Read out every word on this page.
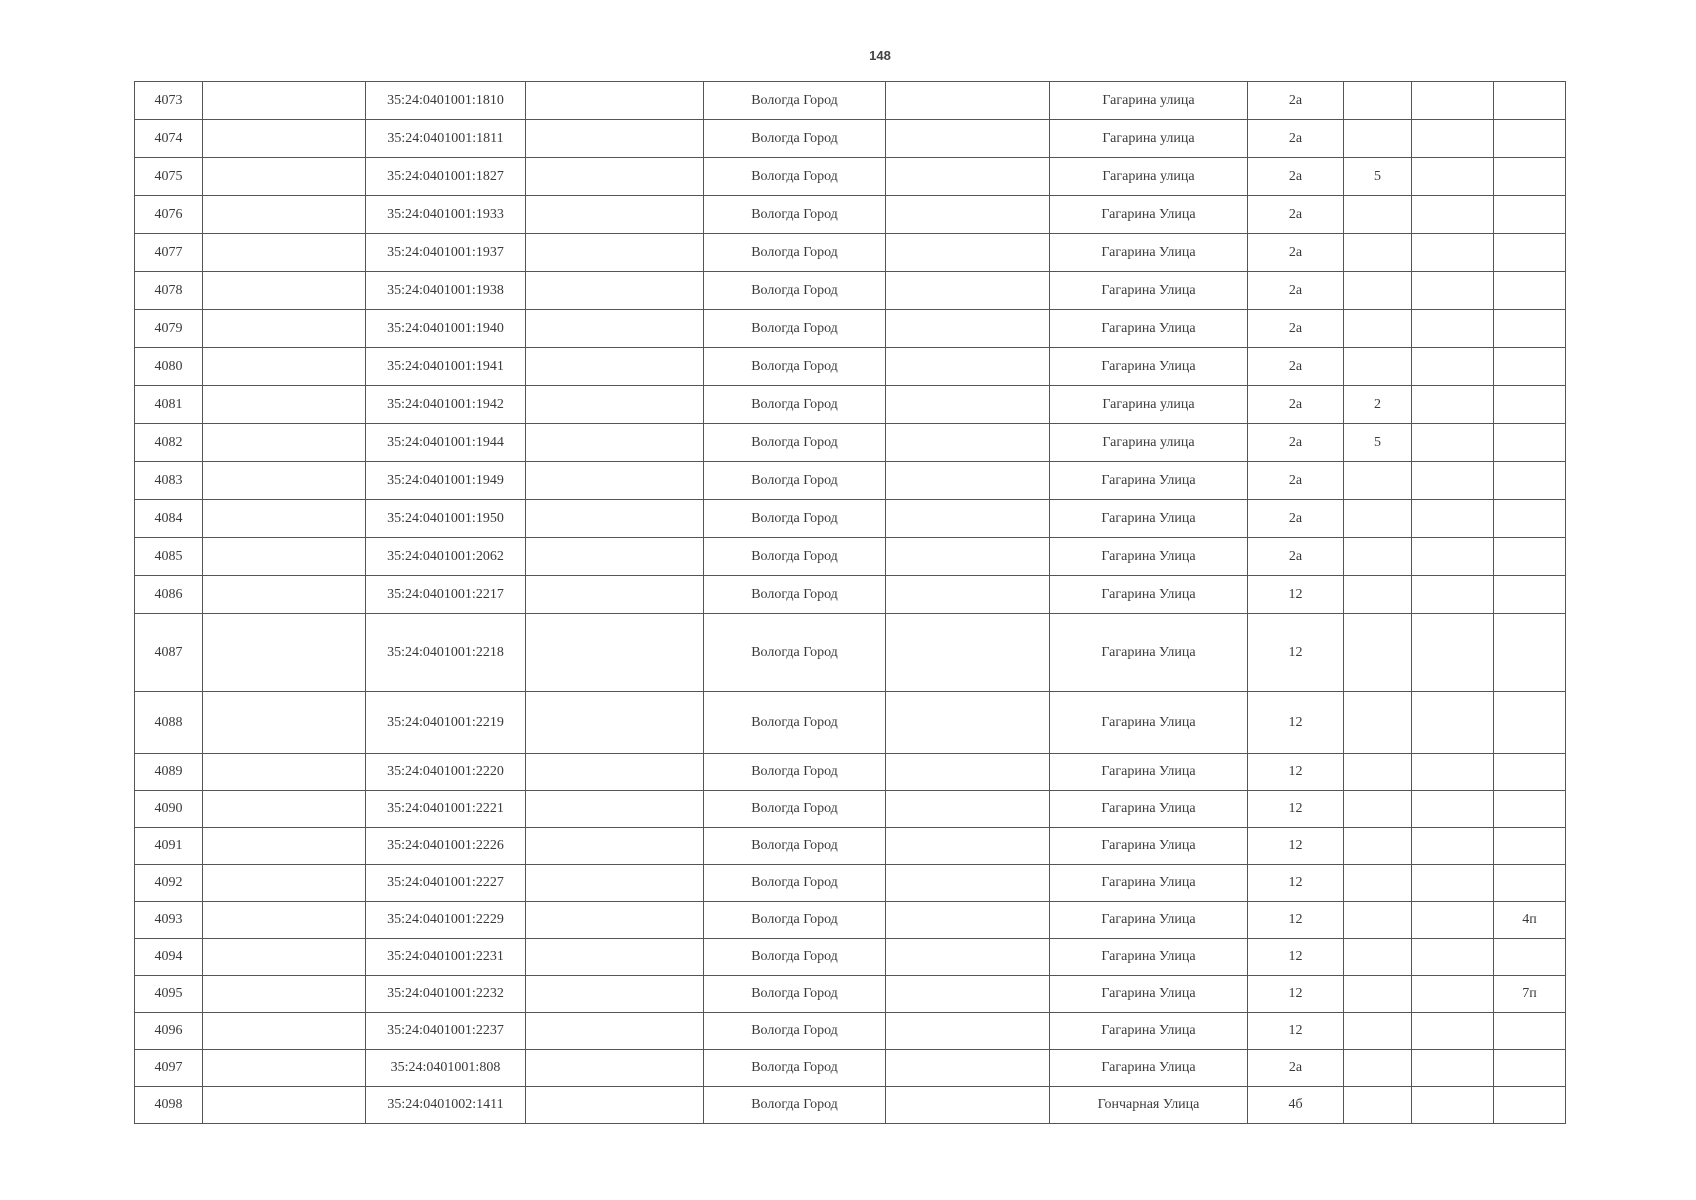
148
4073		35:24:0401001:1810		Вологда Город		Гагарина улица	2а			
4074		35:24:0401001:1811		Вологда Город		Гагарина улица	2а			
4075		35:24:0401001:1827		Вологда Город		Гагарина улица	2а	5		
4076		35:24:0401001:1933		Вологда Город		Гагарина Улица	2а			
4077		35:24:0401001:1937		Вологда Город		Гагарина Улица	2а			
4078		35:24:0401001:1938		Вологда Город		Гагарина Улица	2а			
4079		35:24:0401001:1940		Вологда Город		Гагарина Улица	2а			
4080		35:24:0401001:1941		Вологда Город		Гагарина Улица	2а			
4081		35:24:0401001:1942		Вологда Город		Гагарина улица	2а	2		
4082		35:24:0401001:1944		Вологда Город		Гагарина улица	2а	5		
4083		35:24:0401001:1949		Вологда Город		Гагарина Улица	2а			
4084		35:24:0401001:1950		Вологда Город		Гагарина Улица	2а			
4085		35:24:0401001:2062		Вологда Город		Гагарина Улица	2а			
4086		35:24:0401001:2217		Вологда Город		Гагарина Улица	12			
4087		35:24:0401001:2218		Вологда Город		Гагарина Улица	12			
4088		35:24:0401001:2219		Вологда Город		Гагарина Улица	12			
4089		35:24:0401001:2220		Вологда Город		Гагарина Улица	12			
4090		35:24:0401001:2221		Вологда Город		Гагарина Улица	12			
4091		35:24:0401001:2226		Вологда Город		Гагарина Улица	12			
4092		35:24:0401001:2227		Вологда Город		Гагарина Улица	12			
4093		35:24:0401001:2229		Вологда Город		Гагарина Улица	12			4п
4094		35:24:0401001:2231		Вологда Город		Гагарина Улица	12			
4095		35:24:0401001:2232		Вологда Город		Гагарина Улица	12			7п
4096		35:24:0401001:2237		Вологда Город		Гагарина Улица	12			
4097		35:24:0401001:808		Вологда Город		Гагарина Улица	2а			
4098		35:24:0401002:1411		Вологда Город		Гончарная Улица	4б			
